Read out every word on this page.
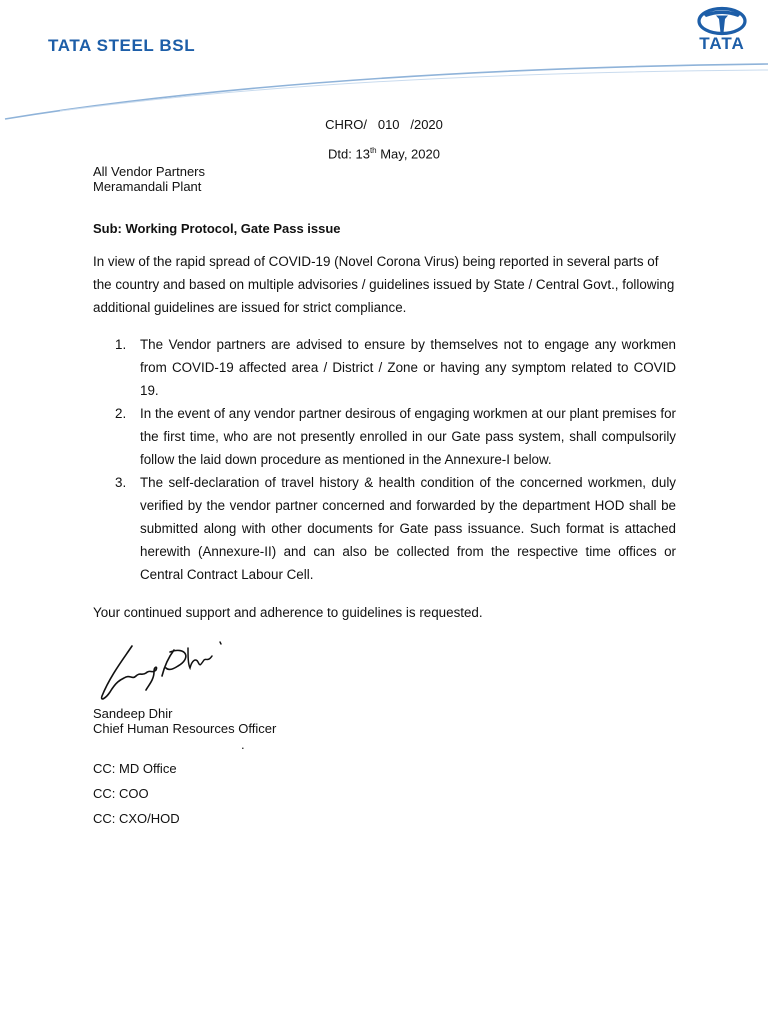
TATA STEEL BSL	TATA
CHRO/   010   /2020
Dtd: 13th May, 2020
All Vendor Partners
Meramandali Plant
Sub: Working Protocol, Gate Pass issue

In view of the rapid spread of COVID-19 (Novel Corona Virus) being reported in several parts of the country and based on multiple advisories / guidelines issued by State / Central Govt., following additional guidelines are issued for strict compliance.

1. The Vendor partners are advised to ensure by themselves not to engage any workmen from COVID-19 affected area / District / Zone or having any symptom related to COVID 19.
2. In the event of any vendor partner desirous of engaging workmen at our plant premises for the first time, who are not presently enrolled in our Gate pass system, shall compulsorily follow the laid down procedure as mentioned in the Annexure-I below.
3. The self-declaration of travel history & health condition of the concerned workmen, duly verified by the vendor partner concerned and forwarded by the department HOD shall be submitted along with other documents for Gate pass issuance. Such format is attached herewith (Annexure-II) and can also be collected from the respective time offices or Central Contract Labour Cell.
Your continued support and adherence to guidelines is requested.
Sandeep Dhir
Chief Human Resources Officer
.
CC: MD Office
CC: COO
CC: CXO/HOD
